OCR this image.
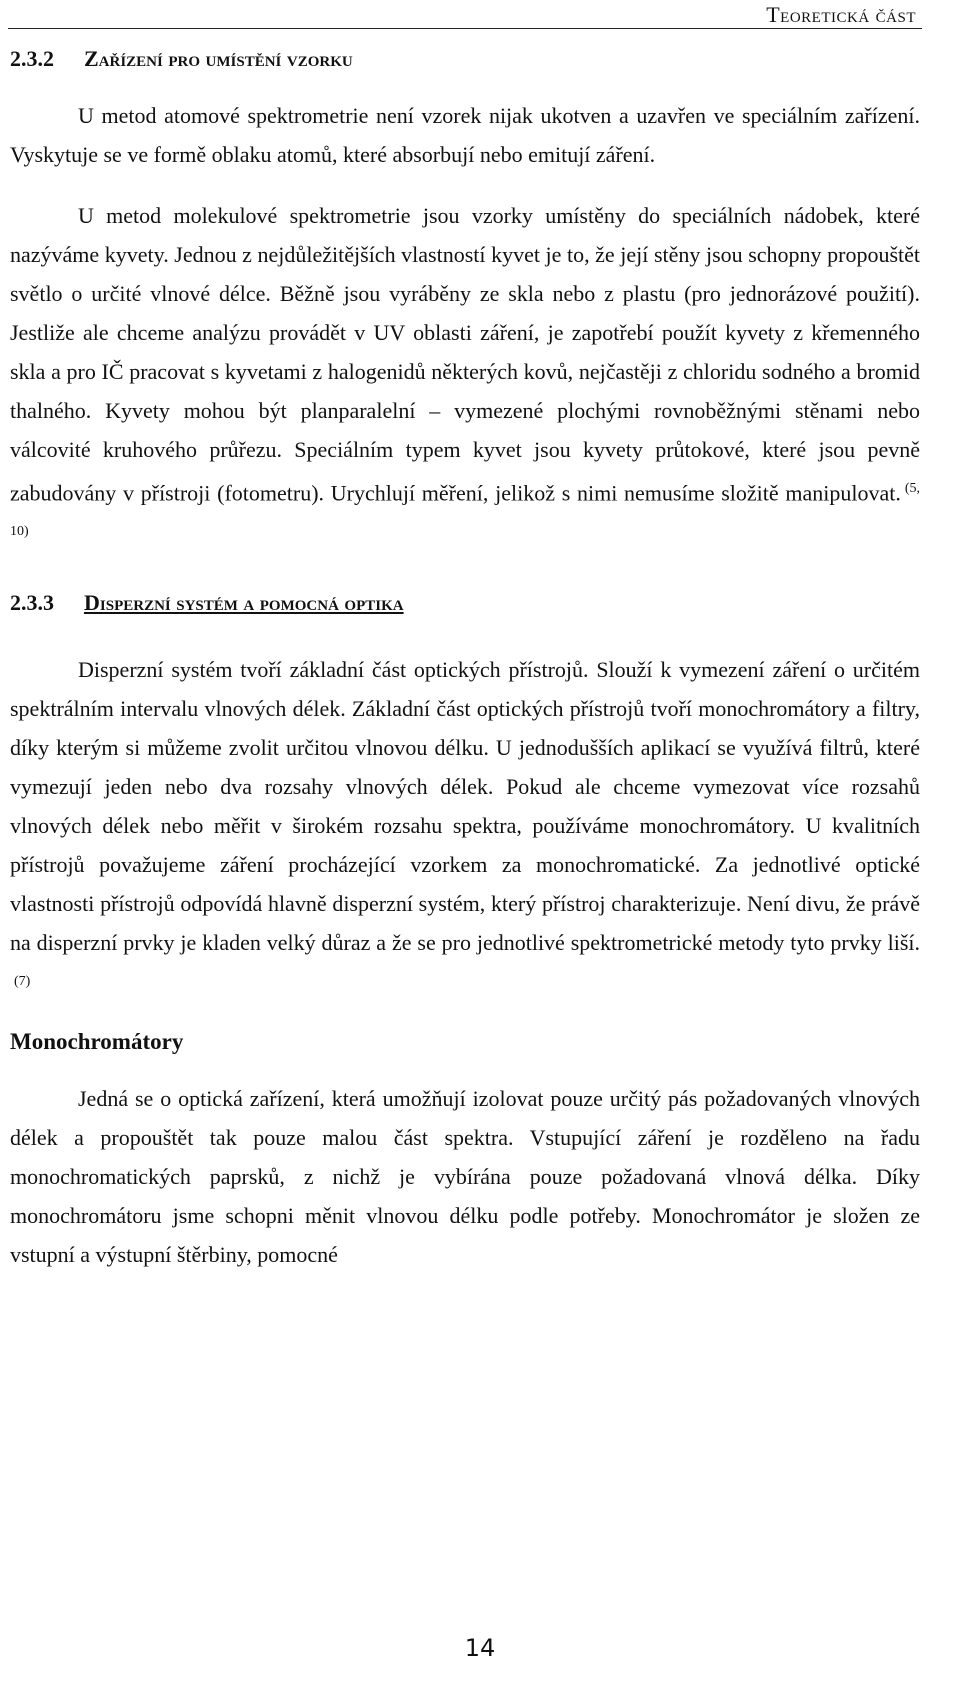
Teoretická část
2.3.2	Zařízení pro umístění vzorku

U metod atomové spektrometrie není vzorek nijak ukotven a uzavřen ve speciálním zařízení. Vyskytuje se ve formě oblaku atomů, které absorbují nebo emitují záření.

U metod molekulové spektrometrie jsou vzorky umístěny do speciálních nádobek, které nazýváme kyvety. Jednou z nejdůležitějších vlastností kyvet je to, že její stěny jsou schopny propouštět světlo o určité vlnové délce. Běžně jsou vyráběny ze skla nebo z plastu (pro jednorázové použití). Jestliže ale chceme analýzu provádět v UV oblasti záření, je zapotřebí použít kyvety z křemenného skla a pro IČ pracovat s kyvetami z halogenidů některých kovů, nejčastěji z chloridu sodného a bromid thalného. Kyvety mohou být planparalelní – vymezené plochými rovnoběžnými stěnami nebo válcovité kruhového průřezu. Speciálním typem kyvet jsou kyvety průtokové, které jsou pevně zabudovány v přístroji (fotometru). Urychlují měření, jelikož s nimi nemusíme složitě manipulovat. $^{(5, 10)}$

2.3.3	Disperzní systém a pomocná optika

Disperzní systém tvoří základní část optických přístrojů. Slouží k vymezení záření o určitém spektrálním intervalu vlnových délek. Základní část optických přístrojů tvoří monochromátory a filtry, díky kterým si můžeme zvolit určitou vlnovou délku. U jednodušších aplikací se využívá filtrů, které vymezují jeden nebo dva rozsahy vlnových délek. Pokud ale chceme vymezovat více rozsahů vlnových délek nebo měřit v širokém rozsahu spektra, používáme monochromátory. U kvalitních přístrojů považujeme záření procházející vzorkem za monochromatické. Za jednotlivé optické vlastnosti přístrojů odpovídá hlavně disperzní systém, který přístroj charakterizuje. Není divu, že právě na disperzní prvky je kladen velký důraz a že se pro jednotlivé spektrometrické metody tyto prvky liší.$^{(7)}$

Monochromátory

Jedná se o optická zařízení, která umožňují izolovat pouze určitý pás požadovaných vlnových délek a propouštět tak pouze malou část spektra. Vstupující záření je rozděleno na řadu monochromatických paprsků, z nichž je vybírána pouze požadovaná vlnová délka. Díky monochromátoru jsme schopni měnit vlnovou délku podle potřeby. Monochromátor je složen ze vstupní a výstupní štěrbiny, pomocné

14
